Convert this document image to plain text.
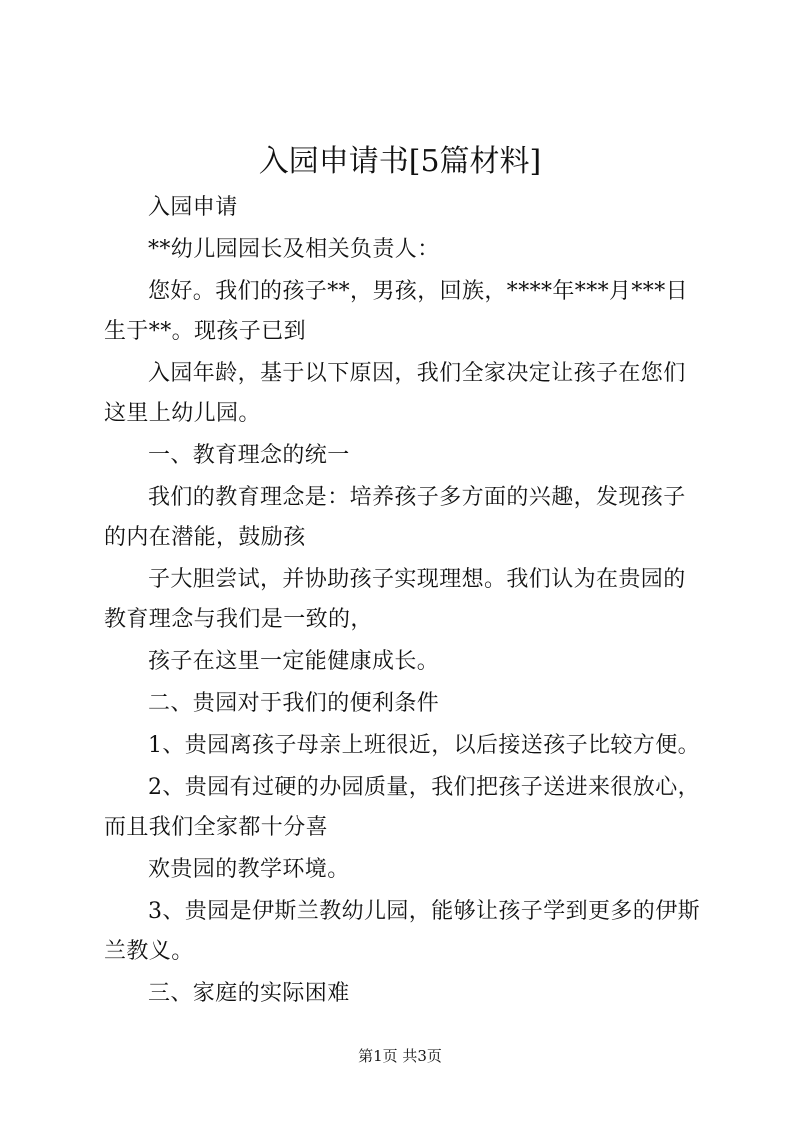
入园申请书[5篇材料]

入园申请

**幼儿园园长及相关负责人：

您好。我们的孩子**，男孩，回族，****年***月***日生于**。现孩子已到

入园年龄，基于以下原因，我们全家决定让孩子在您们这里上幼儿园。

一、教育理念的统一

我们的教育理念是：培养孩子多方面的兴趣，发现孩子的内在潜能，鼓励孩

子大胆尝试，并协助孩子实现理想。我们认为在贵园的教育理念与我们是一致的，

孩子在这里一定能健康成长。

二、贵园对于我们的便利条件

1、贵园离孩子母亲上班很近，以后接送孩子比较方便。

2、贵园有过硬的办园质量，我们把孩子送进来很放心，而且我们全家都十分喜

欢贵园的教学环境。

3、贵园是伊斯兰教幼儿园，能够让孩子学到更多的伊斯兰教义。

三、家庭的实际困难

第1页 共3页
